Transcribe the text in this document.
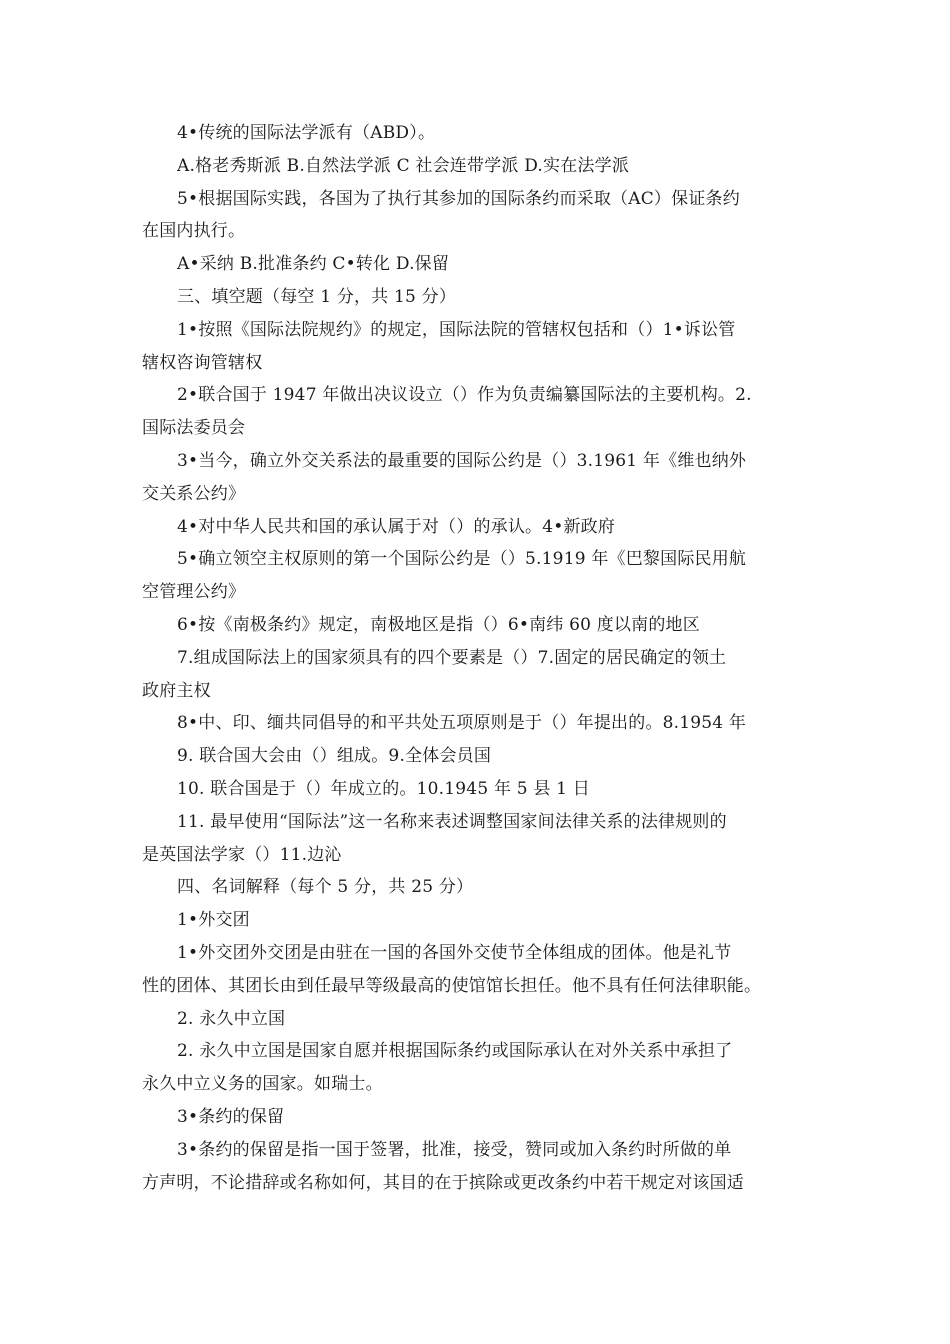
4•传统的国际法学派有（ABD）。
A.格老秀斯派 B.自然法学派 C 社会连带学派 D.实在法学派
5•根据国际实践，各国为了执行其参加的国际条约而采取（AC）保证条约
在国内执行。
A•采纳 B.批准条约 C•转化 D.保留
三、填空题（每空 1 分，共 15 分）
1•按照《国际法院规约》的规定，国际法院的管辖权包括和（）1•诉讼管
辖权咨询管辖权
2•联合国于 1947 年做出决议设立（）作为负责编纂国际法的主要机构。2.
国际法委员会
3•当今，确立外交关系法的最重要的国际公约是（）3.1961 年《维也纳外
交关系公约》
4•对中华人民共和国的承认属于对（）的承认。4•新政府
5•确立领空主权原则的第一个国际公约是（）5.1919 年《巴黎国际民用航
空管理公约》
6•按《南极条约》规定，南极地区是指（）6•南纬 60 度以南的地区
7.组成国际法上的国家须具有的四个要素是（）7.固定的居民确定的领土
政府主权
8•中、印、缅共同倡导的和平共处五项原则是于（）年提出的。8.1954 年
9. 联合国大会由（）组成。9.全体会员国
10. 联合国是于（）年成立的。10.1945 年 5 县 1 日
11. 最早使用“国际法”这一名称来表述调整国家间法律关系的法律规则的
是英国法学家（）11.边沁
四、名词解释（每个 5 分，共 25 分）
1•外交团
1•外交团外交团是由驻在一国的各国外交使节全体组成的团体。他是礼节
性的团体、其团长由到任最早等级最高的使馆馆长担任。他不具有任何法律职能。
2. 永久中立国
2. 永久中立国是国家自愿并根据国际条约或国际承认在对外关系中承担了
永久中立义务的国家。如瑞士。
3•条约的保留
3•条约的保留是指一国于签署，批准，接受，赞同或加入条约时所做的单
方声明，不论措辞或名称如何，其目的在于摈除或更改条约中若干规定对该国适
